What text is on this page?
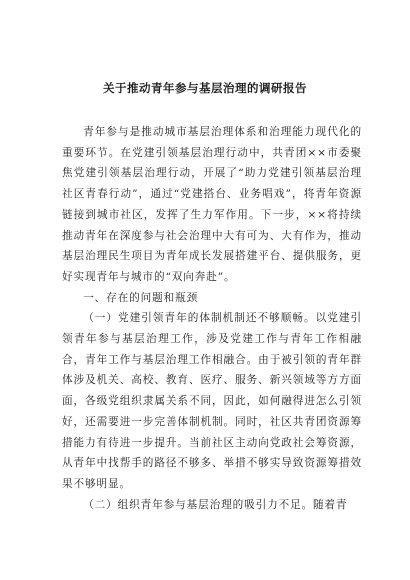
关于推动青年参与基层治理的调研报告

青年参与是推动城市基层治理体系和治理能力现代化的重要环节。在党建引领基层治理行动中，共青团××市委聚焦党建引领基层治理行动，开展了“助力党建引领基层治理社区青春行动”，通过“党建搭台、业务唱戏”，将青年资源链接到城市社区，发挥了生力军作用。下一步，××将持续推动青年在深度参与社会治理中大有可为、大有作为，推动基层治理民生项目为青年成长发展搭建平台、提供服务，更好实现青年与城市的“双向奔赴”。

一、存在的问题和瓶颈

（一）党建引领青年的体制机制还不够顺畅。以党建引领青年参与基层治理工作，涉及党建工作与青年工作相融合，青年工作与基层治理工作相融合。由于被引领的青年群体涉及机关、高校、教育、医疗、服务、新兴领域等方方面面，各级党组织隶属关系不同，因此，如何融得进怎么引领好，还需要进一步完善体制机制。同时，社区共青团资源筹措能力有待进一步提升。当前社区主动向党政社会筹资源，从青年中找帮手的路径不够多、举措不够实导致资源筹措效果不够明显。

（二）组织青年参与基层治理的吸引力不足。随着青
